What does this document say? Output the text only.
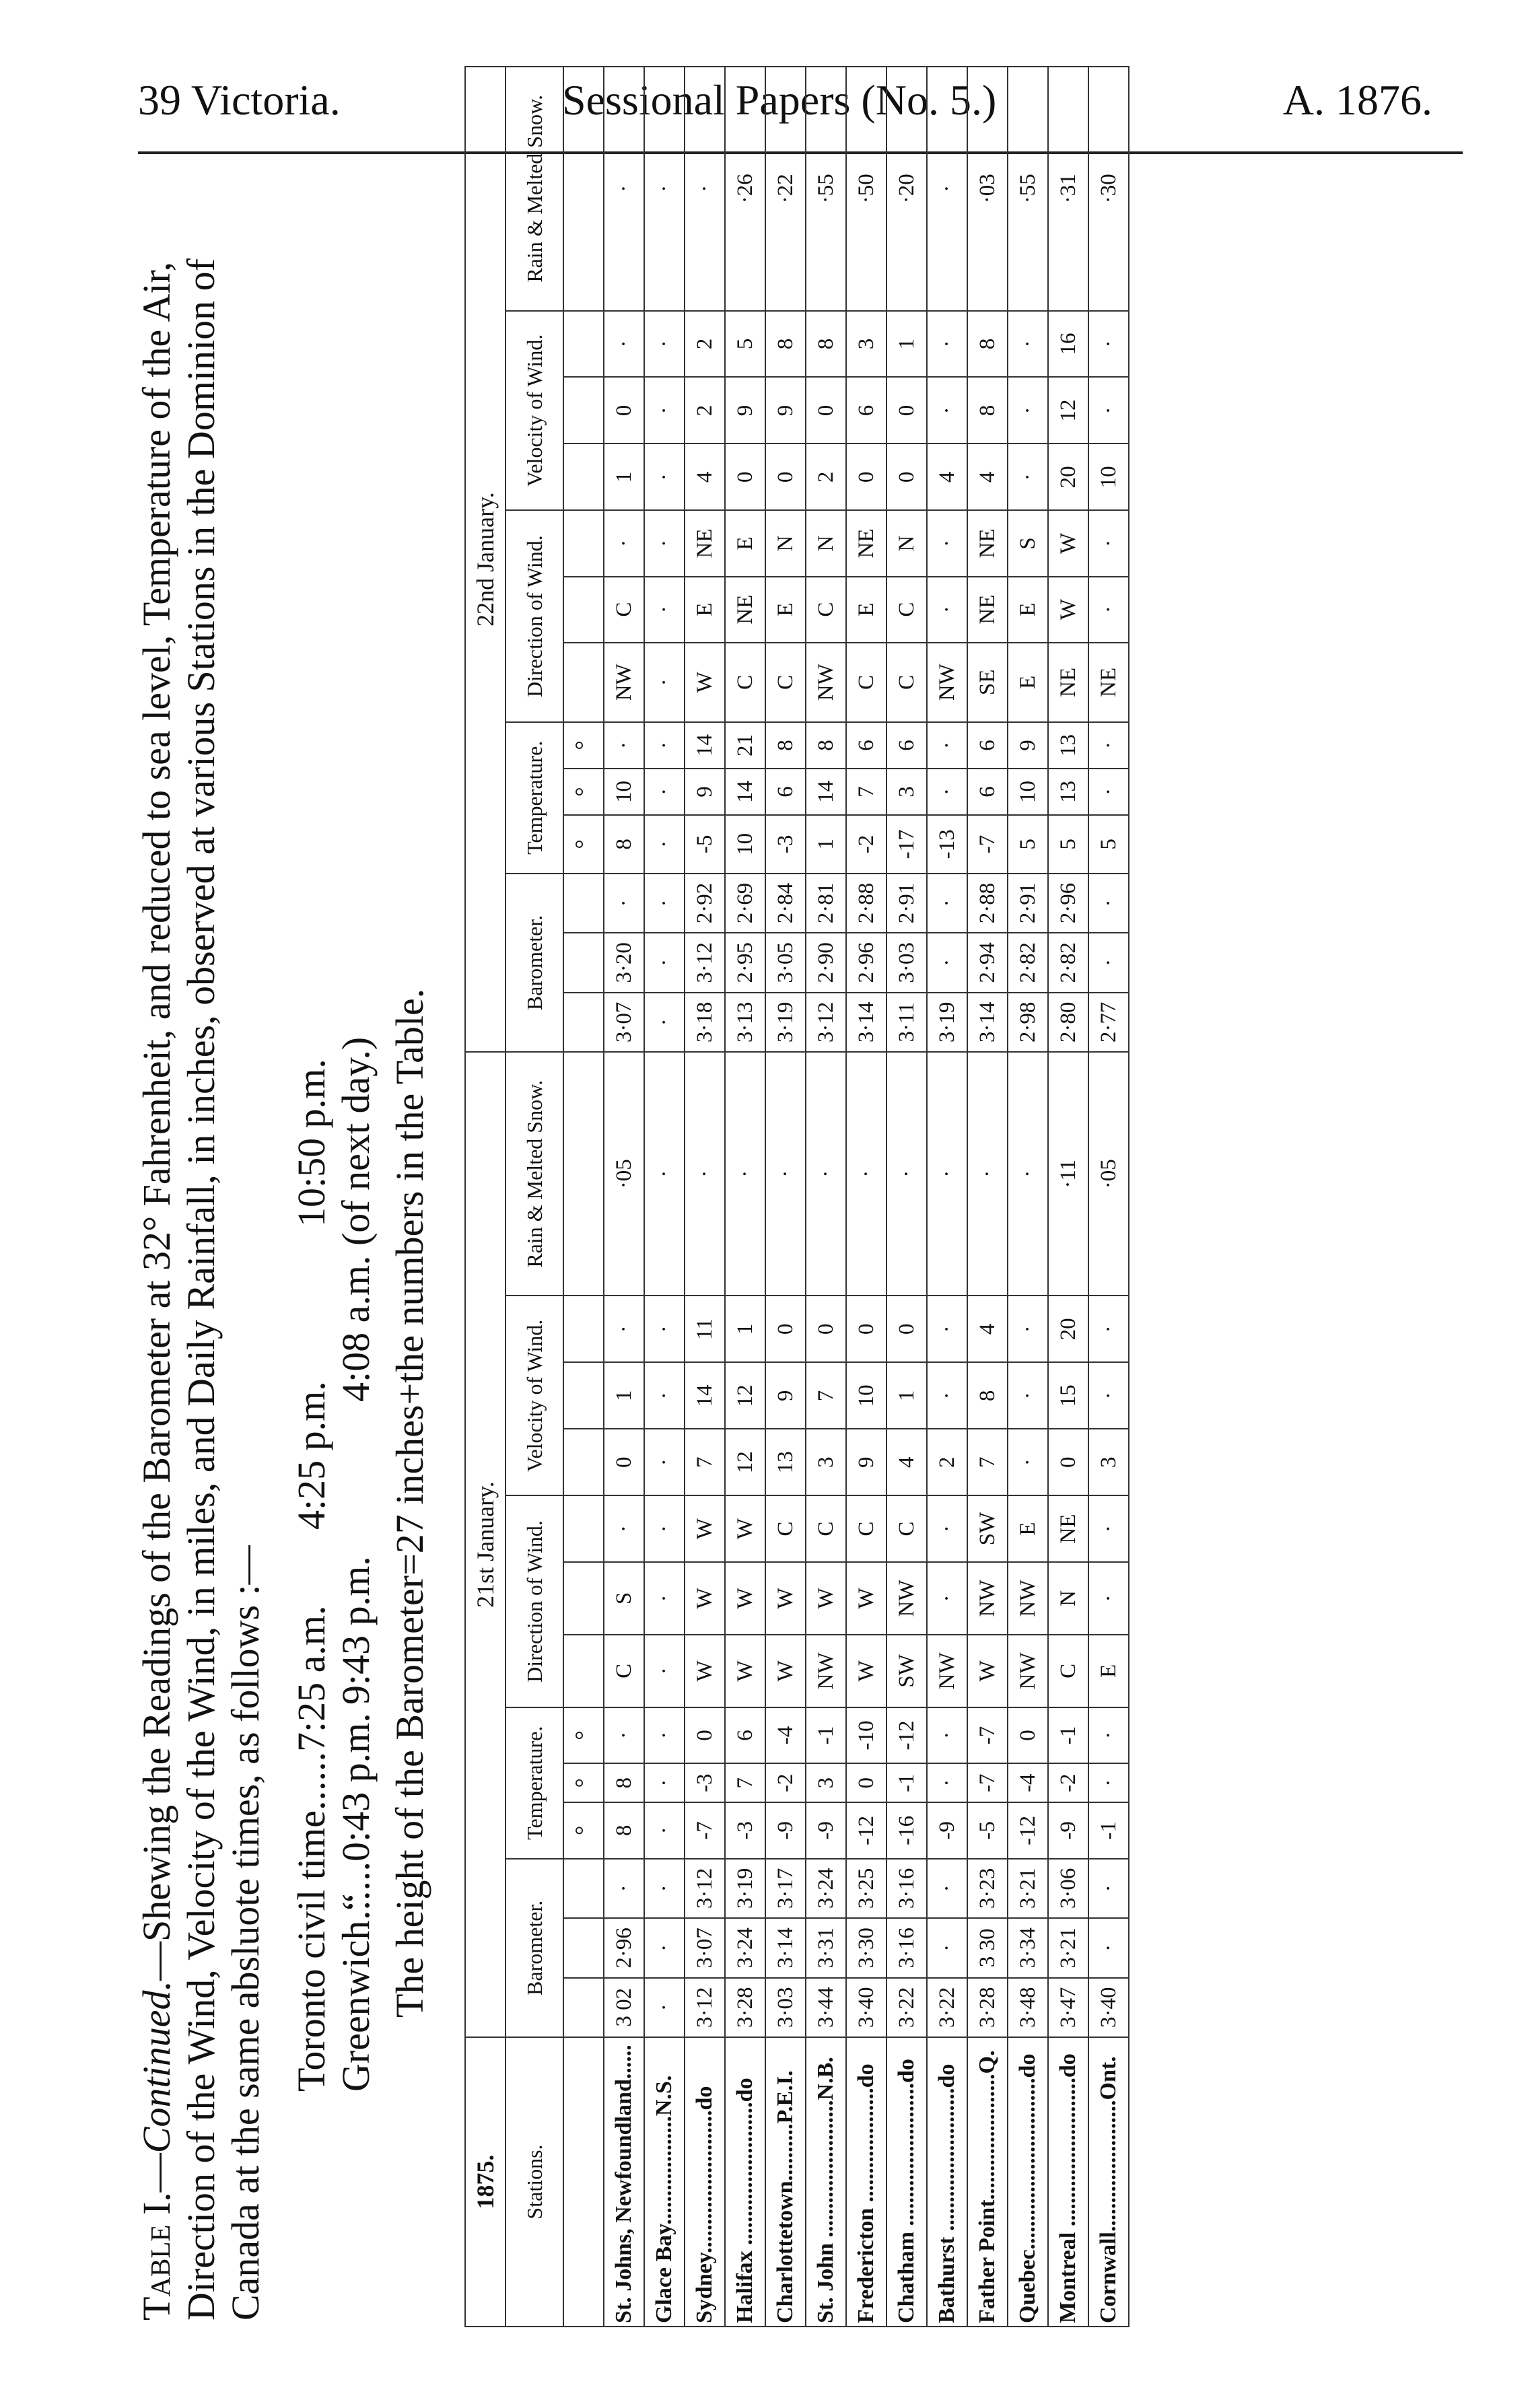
39 Victoria.	Sessional Papers (No. 5.)	A. 1876.
Table I.—Continued.—Shewing the Readings of the Barometer at 32° Fahrenheit, and reduced to sea level, Temperature of the Air, Direction of the Wind, Velocity of the Wind, in miles, and Daily Rainfall, in inches, observed at various Stations in the Dominion of Canada at the same absluote times, as follows :— Toronto civil time......7:25 a.m.4:25 p.m.10:50 p.m.
Greenwich “......0:43 p.m.9:43 p.m.4:08 a.m. (of next day.) The height of the Barometer=27 inches+the numbers in the Table.
1875.	21st January.													22nd January.												
Stations.	Barometer.			Temperature.			Direction of Wind.			Velocity of Wind.			Rain & Melted Snow.	Barometer.			Temperature.			Direction of Wind.			Velocity of Wind.			Rain & Melted Snow.
				°	°	°											°	°	°							
St. Johns, Newfoundland......	3 02	2·96	·	8	8	·	C	S	·	0	1	·	·05	3·07	3·20	·	8	10	·	NW	C	·	1	0	·	·
Glace Bay...................N.S.	·	·	·	·	·	·	·	·	·	·	·	·	·	·	·	·	·	·	·	·	·	·	·	·	·	·
Sydney.........................do	3·12	3·07	3·12	-7	-3	0	W	W	W	7	14	11	·	3·18	3·12	2·92	-5	9	14	W	E	NE	4	2	2	·
Halifax .........................do	3·28	3·24	3·19	-3	7	6	W	W	W	12	12	1	·	3·13	2·95	2·69	10	14	21	C	NE	E	0	9	5	·26
Charlottetown..........P.E.I.	3·03	3·14	3·17	-9	-2	-4	W	W	C	13	9	0	·	3·19	3·05	2·84	-3	6	8	C	E	N	0	9	8	·22
St. John ........................N.B.	3·44	3·31	3·24	-9	3	-1	NW	W	C	3	7	0	·	3·12	2·90	2·81	1	14	8	NW	C	N	2	0	8	·55
Fredericton ....................do	3·40	3·30	3·25	-12	0	-10	W	W	C	9	10	0	·	3·14	2·96	2·88	-2	7	6	C	E	NE	0	6	3	·50
Chatham .........................do	3·22	3·16	3·16	-16	-1	-12	SW	NW	C	4	1	0	·	3·11	3·03	2·91	-17	3	6	C	C	N	0	0	1	·20
Bathurst .........................do	3·22	·	·	-9	·	·	NW	·	·	2	·	·	·	3·19	·	·	-13	·	·	NW	·	·	4	·	·	·
Father Point......................Q.	3·28	3 30	3·23	-5	-7	-7	W	NW	SW	7	8	4	·	3·14	2·94	2·88	-7	6	6	SE	NE	NE	4	8	8	·03
Quebec..............................do	3·48	3·34	3·21	-12	-4	0	NW	NW	E	·	·	·	·	2·98	2·82	2·91	5	10	9	E	E	S	·	·	·	·55
Montreal ..........................do	3·47	3·21	3·06	-9	-2	-1	C	N	NE	0	15	20	·11	2·80	2·82	2·96	5	13	13	NE	W	W	20	12	16	·31
Cornwall.......................Ont.	3·40	·	·	-1	·	·	E	·	·	3	·	·	·05	2·77	·	·	5	·	·	NE	·	·	10	·	·	·30
